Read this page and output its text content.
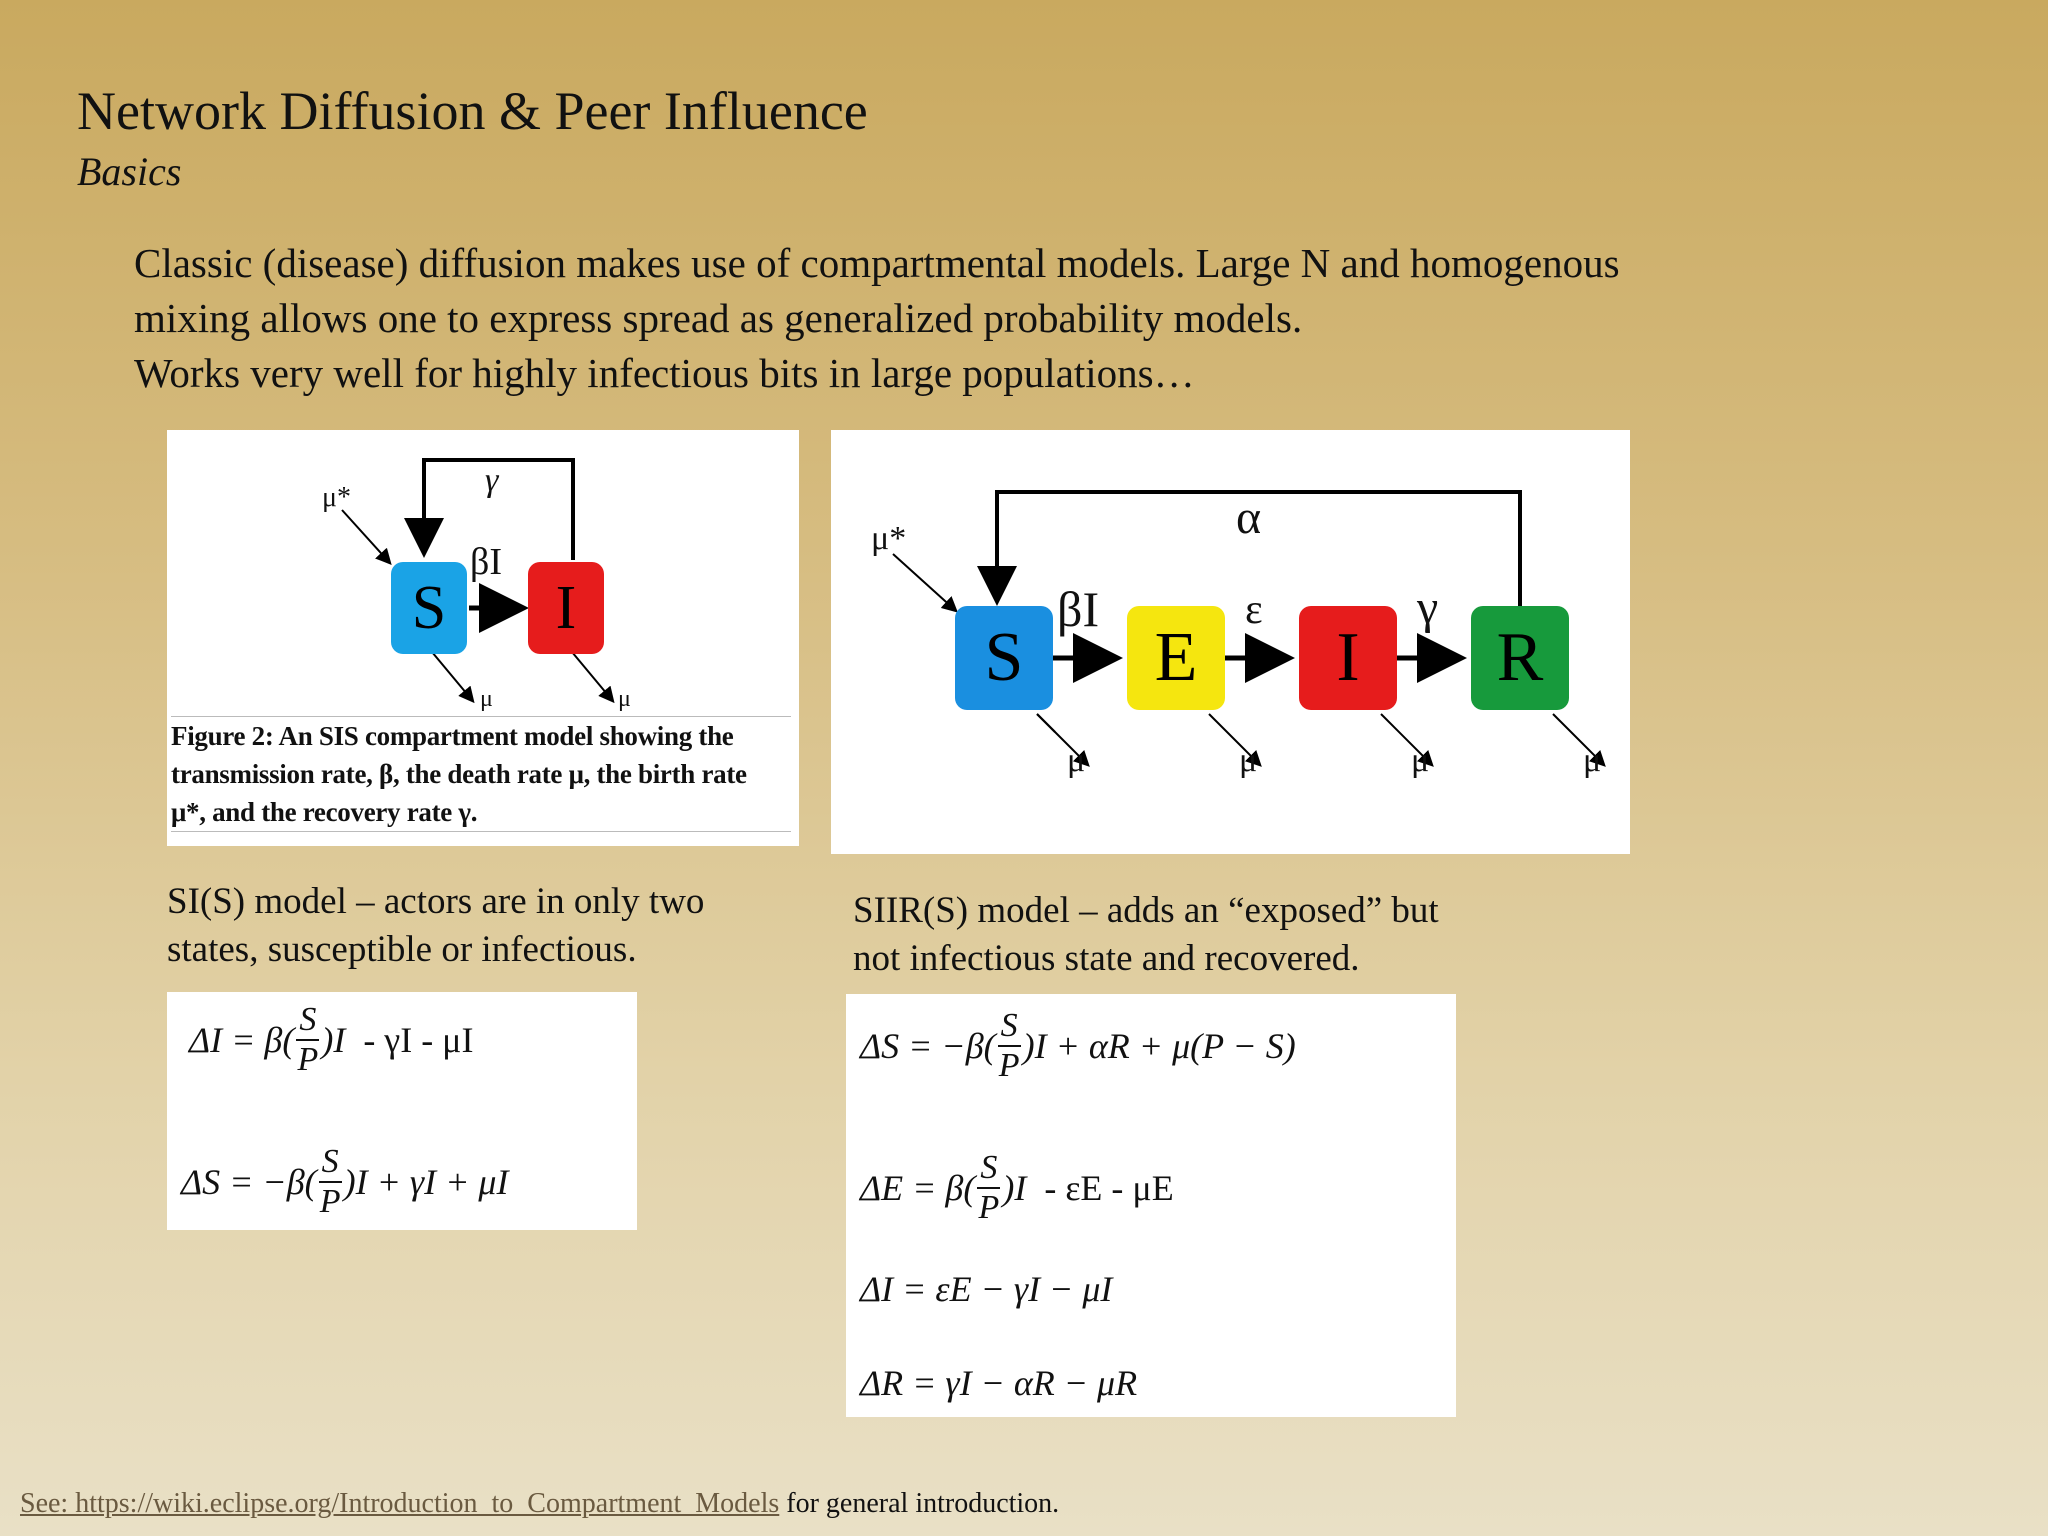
Network Diffusion & Peer Influence
Basics
Classic (disease) diffusion makes use of compartmental models. Large N and homogenous
mixing allows one to express spread as generalized probability models.
Works very well for highly infectious bits in large populations…
S I
γ
μ*
βI
μ	μ
Figure 2: An SIS compartment model showing the
transmission rate, β, the death rate μ, the birth rate
μ*, and the recovery rate γ.
S E I R
α
μ*
βI	ε	γ
μ	μ	μ	μ
SI(S) model – actors are in only two
states, susceptible or infectious.
SIIR(S) model – adds an “exposed” but
not infectious state and recovered.
$\Delta I = \beta( \frac{S}{P} )I - \gamma I - \mu I$
$\Delta S = -\beta( \frac{S}{P} )I + \gamma I + \mu I$
$\Delta S = -\beta( \frac{S}{P} )I + \alpha R + \mu(P - S)$
$\Delta E = \beta( \frac{S}{P} )I - \varepsilon E - \mu E$
ΔI = εE − γI − μI
ΔR = γI − αR − μR
See: https://wiki.eclipse.org/Introduction_to_Compartment_Models for general introduction.
